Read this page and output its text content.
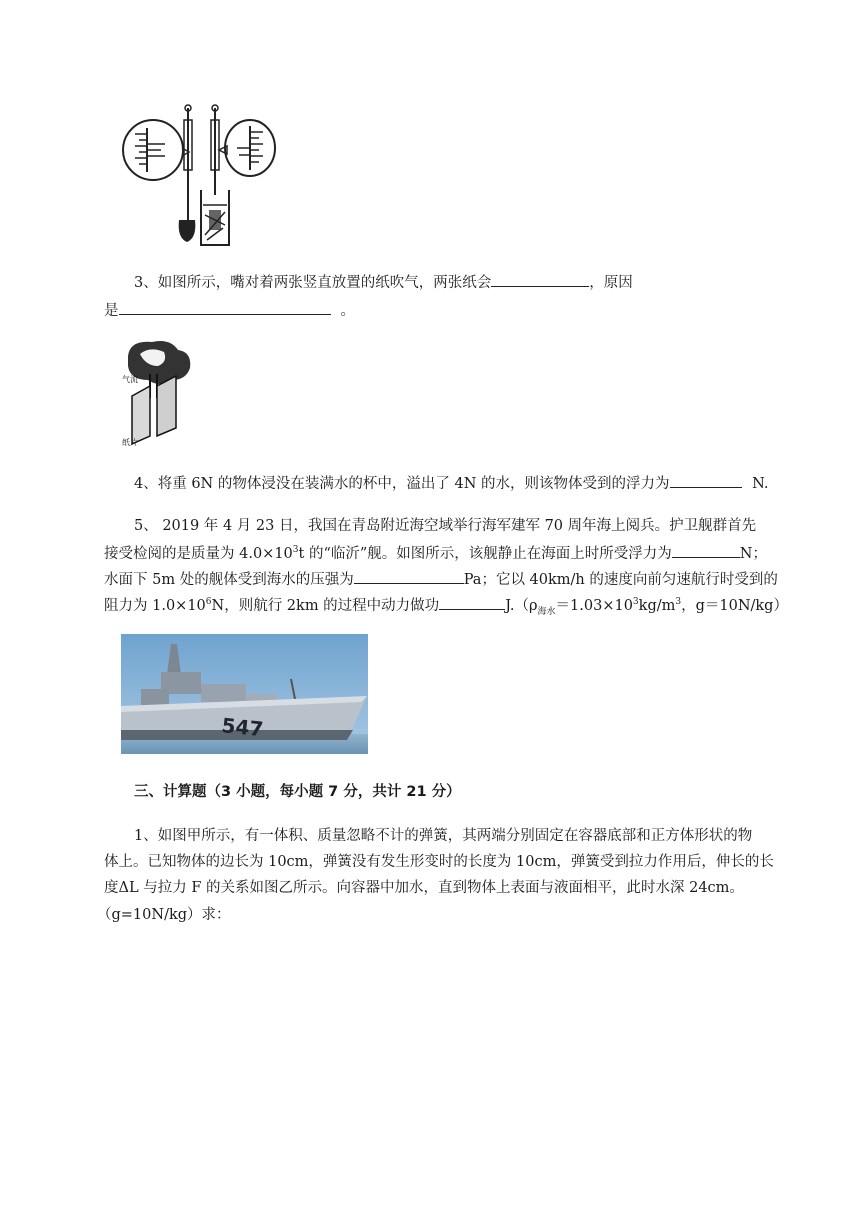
3、如图所示，嘴对着两张竖直放置的纸吹气，两张纸会	，原因
是	。
气流
纸片
4、将重 6N 的物体浸没在装满水的杯中，溢出了 4N 的水，则该物体受到的浮力为	N.
5、 2019 年 4 月 23 日，我国在青岛附近海空域举行海军建军 70 周年海上阅兵。护卫舰群首先
接受检阅的是质量为 $4.0\times 10^3t$ 的“临沂”舰。如图所示，该舰静止在海面上时所受浮力为	N；
水面下 5m 处的舰体受到海水的压强为	Pa；它以 40km/h 的速度向前匀速航行时受到的
阻力为 $1.0\times 10^6N$，则航行 2km 的过程中动力做功	$J.(\rho_{海水}=1.03\times 10^3kg/m^3$，g＝10N/kg）
547
三、计算题（3 小题，每小题 7 分，共计 21 分）
1、如图甲所示，有一体积、质量忽略不计的弹簧，其两端分别固定在容器底部和正方体形状的物
体上。已知物体的边长为 10cm，弹簧没有发生形变时的长度为 10cm，弹簧受到拉力作用后，伸长的长
度ΔL 与拉力 F 的关系如图乙所示。向容器中加水，直到物体上表面与液面相平，此时水深 24cm。
（g=10N/kg）求：
